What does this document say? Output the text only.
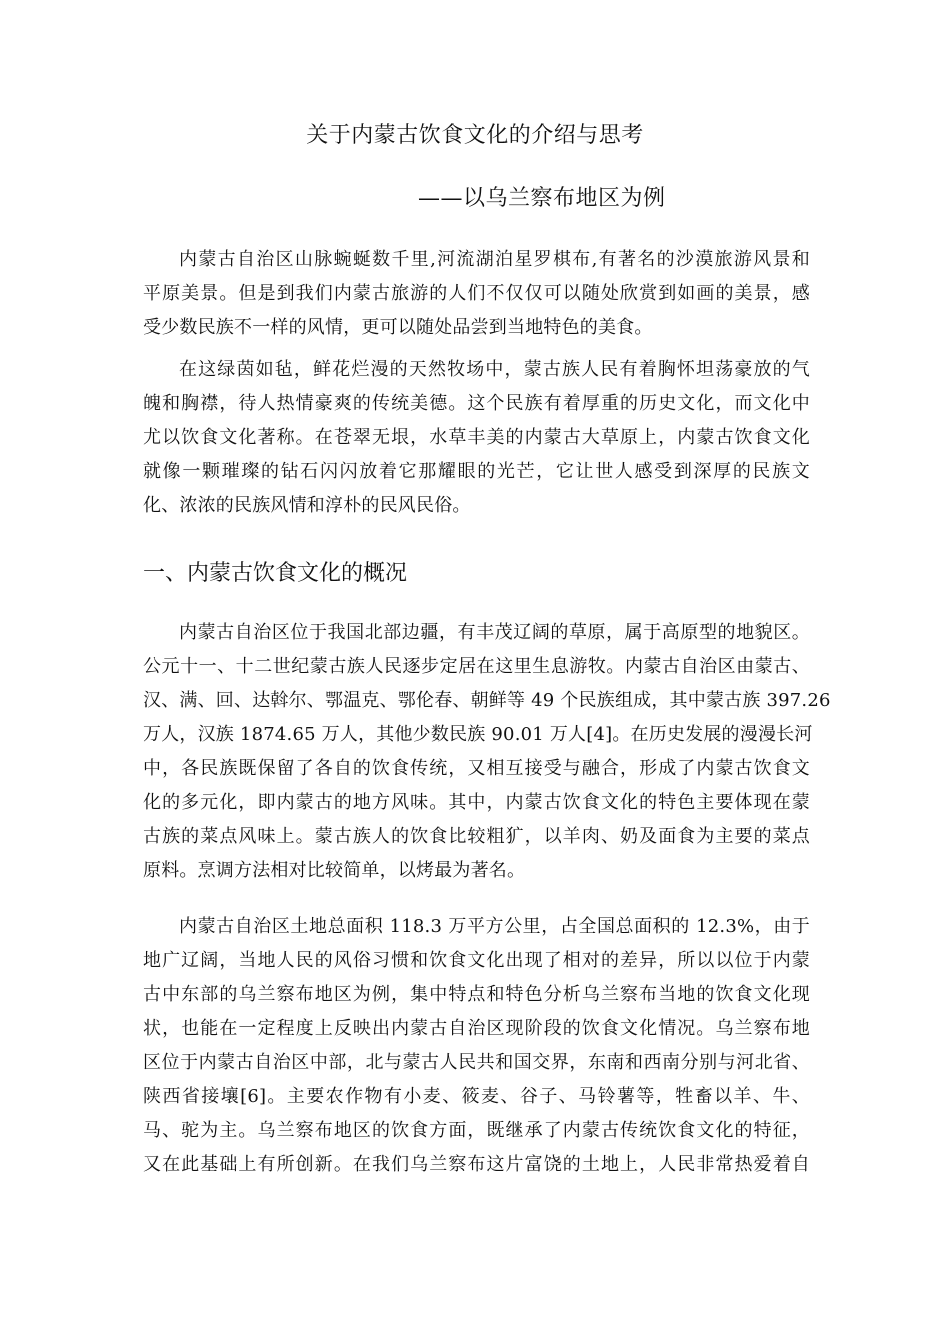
关于内蒙古饮食文化的介绍与思考
——以乌兰察布地区为例

内蒙古自治区山脉蜿蜒数千里,河流湖泊星罗棋布,有著名的沙漠旅游风景和
平原美景。但是到我们内蒙古旅游的人们不仅仅可以随处欣赏到如画的美景，感
受少数民族不一样的风情，更可以随处品尝到当地特色的美食。

在这绿茵如毡，鲜花烂漫的天然牧场中，蒙古族人民有着胸怀坦荡豪放的气
魄和胸襟，待人热情豪爽的传统美德。这个民族有着厚重的历史文化，而文化中
尤以饮食文化著称。在苍翠无垠，水草丰美的内蒙古大草原上，内蒙古饮食文化
就像一颗璀璨的钻石闪闪放着它那耀眼的光芒，它让世人感受到深厚的民族文
化、浓浓的民族风情和淳朴的民风民俗。

一、内蒙古饮食文化的概况

内蒙古自治区位于我国北部边疆，有丰茂辽阔的草原，属于高原型的地貌区。
公元十一、十二世纪蒙古族人民逐步定居在这里生息游牧。内蒙古自治区由蒙古、
汉、满、回、达斡尔、鄂温克、鄂伦春、朝鲜等 49 个民族组成，其中蒙古族 397.26
万人，汉族 1874.65 万人，其他少数民族 90.01 万人[4]。在历史发展的漫漫长河
中，各民族既保留了各自的饮食传统，又相互接受与融合，形成了内蒙古饮食文
化的多元化，即内蒙古的地方风味。其中，内蒙古饮食文化的特色主要体现在蒙
古族的菜点风味上。蒙古族人的饮食比较粗犷，以羊肉、奶及面食为主要的菜点
原料。烹调方法相对比较简单，以烤最为著名。

内蒙古自治区土地总面积 118.3 万平方公里，占全国总面积的 12.3%，由于
地广辽阔，当地人民的风俗习惯和饮食文化出现了相对的差异，所以以位于内蒙
古中东部的乌兰察布地区为例，集中特点和特色分析乌兰察布当地的饮食文化现
状，也能在一定程度上反映出内蒙古自治区现阶段的饮食文化情况。乌兰察布地
区位于内蒙古自治区中部，北与蒙古人民共和国交界，东南和西南分别与河北省、
陕西省接壤[6]。主要农作物有小麦、筱麦、谷子、马铃薯等，牲畜以羊、牛、
马、驼为主。乌兰察布地区的饮食方面，既继承了内蒙古传统饮食文化的特征，
又在此基础上有所创新。在我们乌兰察布这片富饶的土地上，人民非常热爱着自
